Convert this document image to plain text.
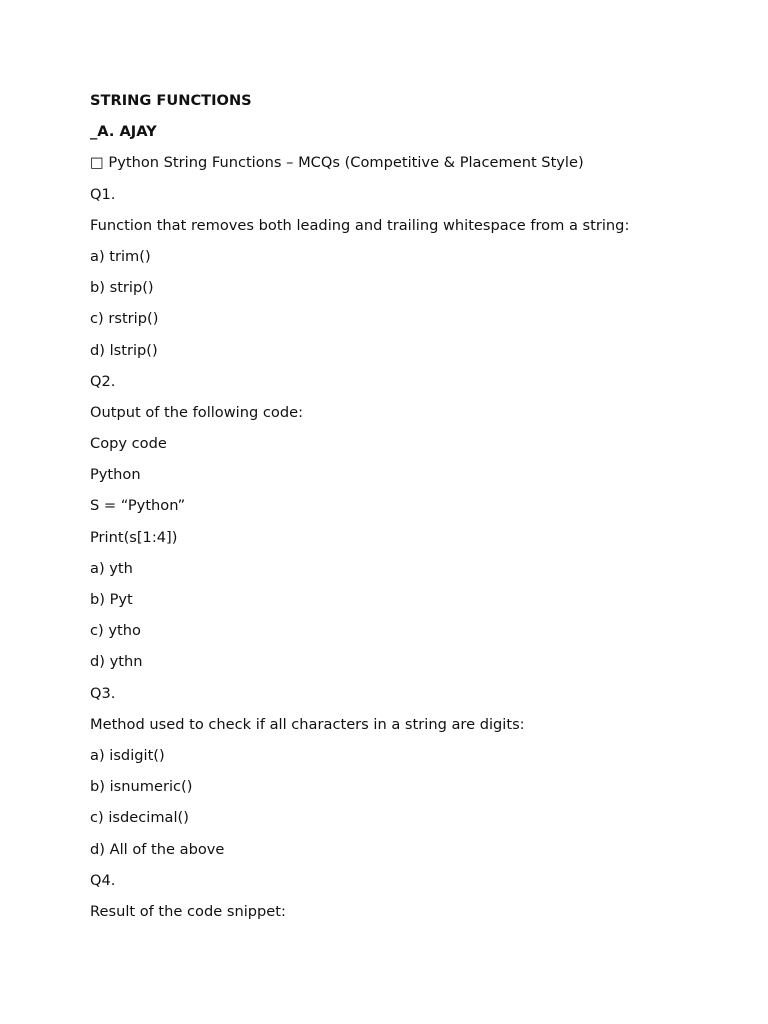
STRING FUNCTIONS
_A. AJAY
□ Python String Functions – MCQs (Competitive & Placement Style)
Q1.
Function that removes both leading and trailing whitespace from a string:
a) trim()
b) strip()
c) rstrip()
d) lstrip()
Q2.
Output of the following code:
Copy code
Python
S = “Python”
Print(s[1:4])
a) yth
b) Pyt
c) ytho
d) ythn
Q3.
Method used to check if all characters in a string are digits:
a) isdigit()
b) isnumeric()
c) isdecimal()
d) All of the above
Q4.
Result of the code snippet:
